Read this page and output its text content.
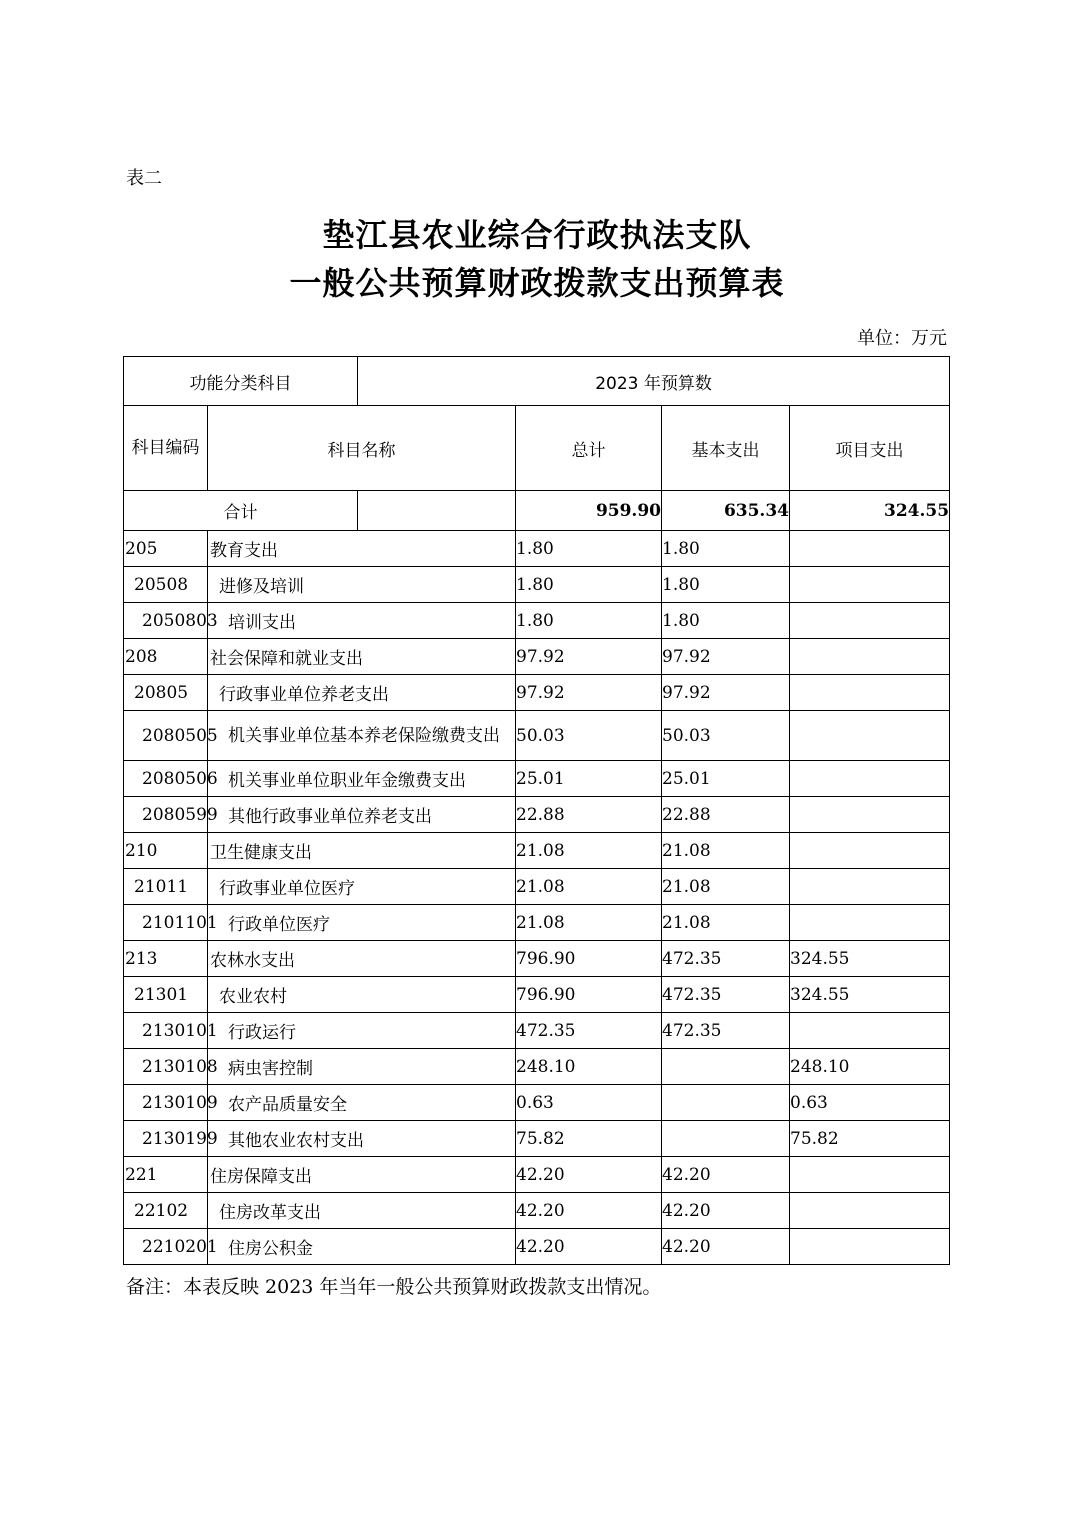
表二
垫江县农业综合行政执法支队
一般公共预算财政拨款支出预算表
单位：万元
功能分类科目		2023 年预算数			
科目编码	科目名称		总计	基本支出	项目支出
合计			959.90	635.34	324.55
205	教育支出		1.80	1.80	
20508	进修及培训		1.80	1.80	
2050803	培训支出		1.80	1.80	
208	社会保障和就业支出		97.92	97.92	
20805	行政事业单位养老支出		97.92	97.92	
2080505	机关事业单位基本养老保险缴费支出		50.03	50.03	
2080506	机关事业单位职业年金缴费支出		25.01	25.01	
2080599	其他行政事业单位养老支出		22.88	22.88	
210	卫生健康支出		21.08	21.08	
21011	行政事业单位医疗		21.08	21.08	
2101101	行政单位医疗		21.08	21.08	
213	农林水支出		796.90	472.35	324.55
21301	农业农村		796.90	472.35	324.55
2130101	行政运行		472.35	472.35	
2130108	病虫害控制		248.10		248.10
2130109	农产品质量安全		0.63		0.63
2130199	其他农业农村支出		75.82		75.82
221	住房保障支出		42.20	42.20	
22102	住房改革支出		42.20	42.20	
2210201	住房公积金		42.20	42.20	
备注：本表反映 2023 年当年一般公共预算财政拨款支出情况。
